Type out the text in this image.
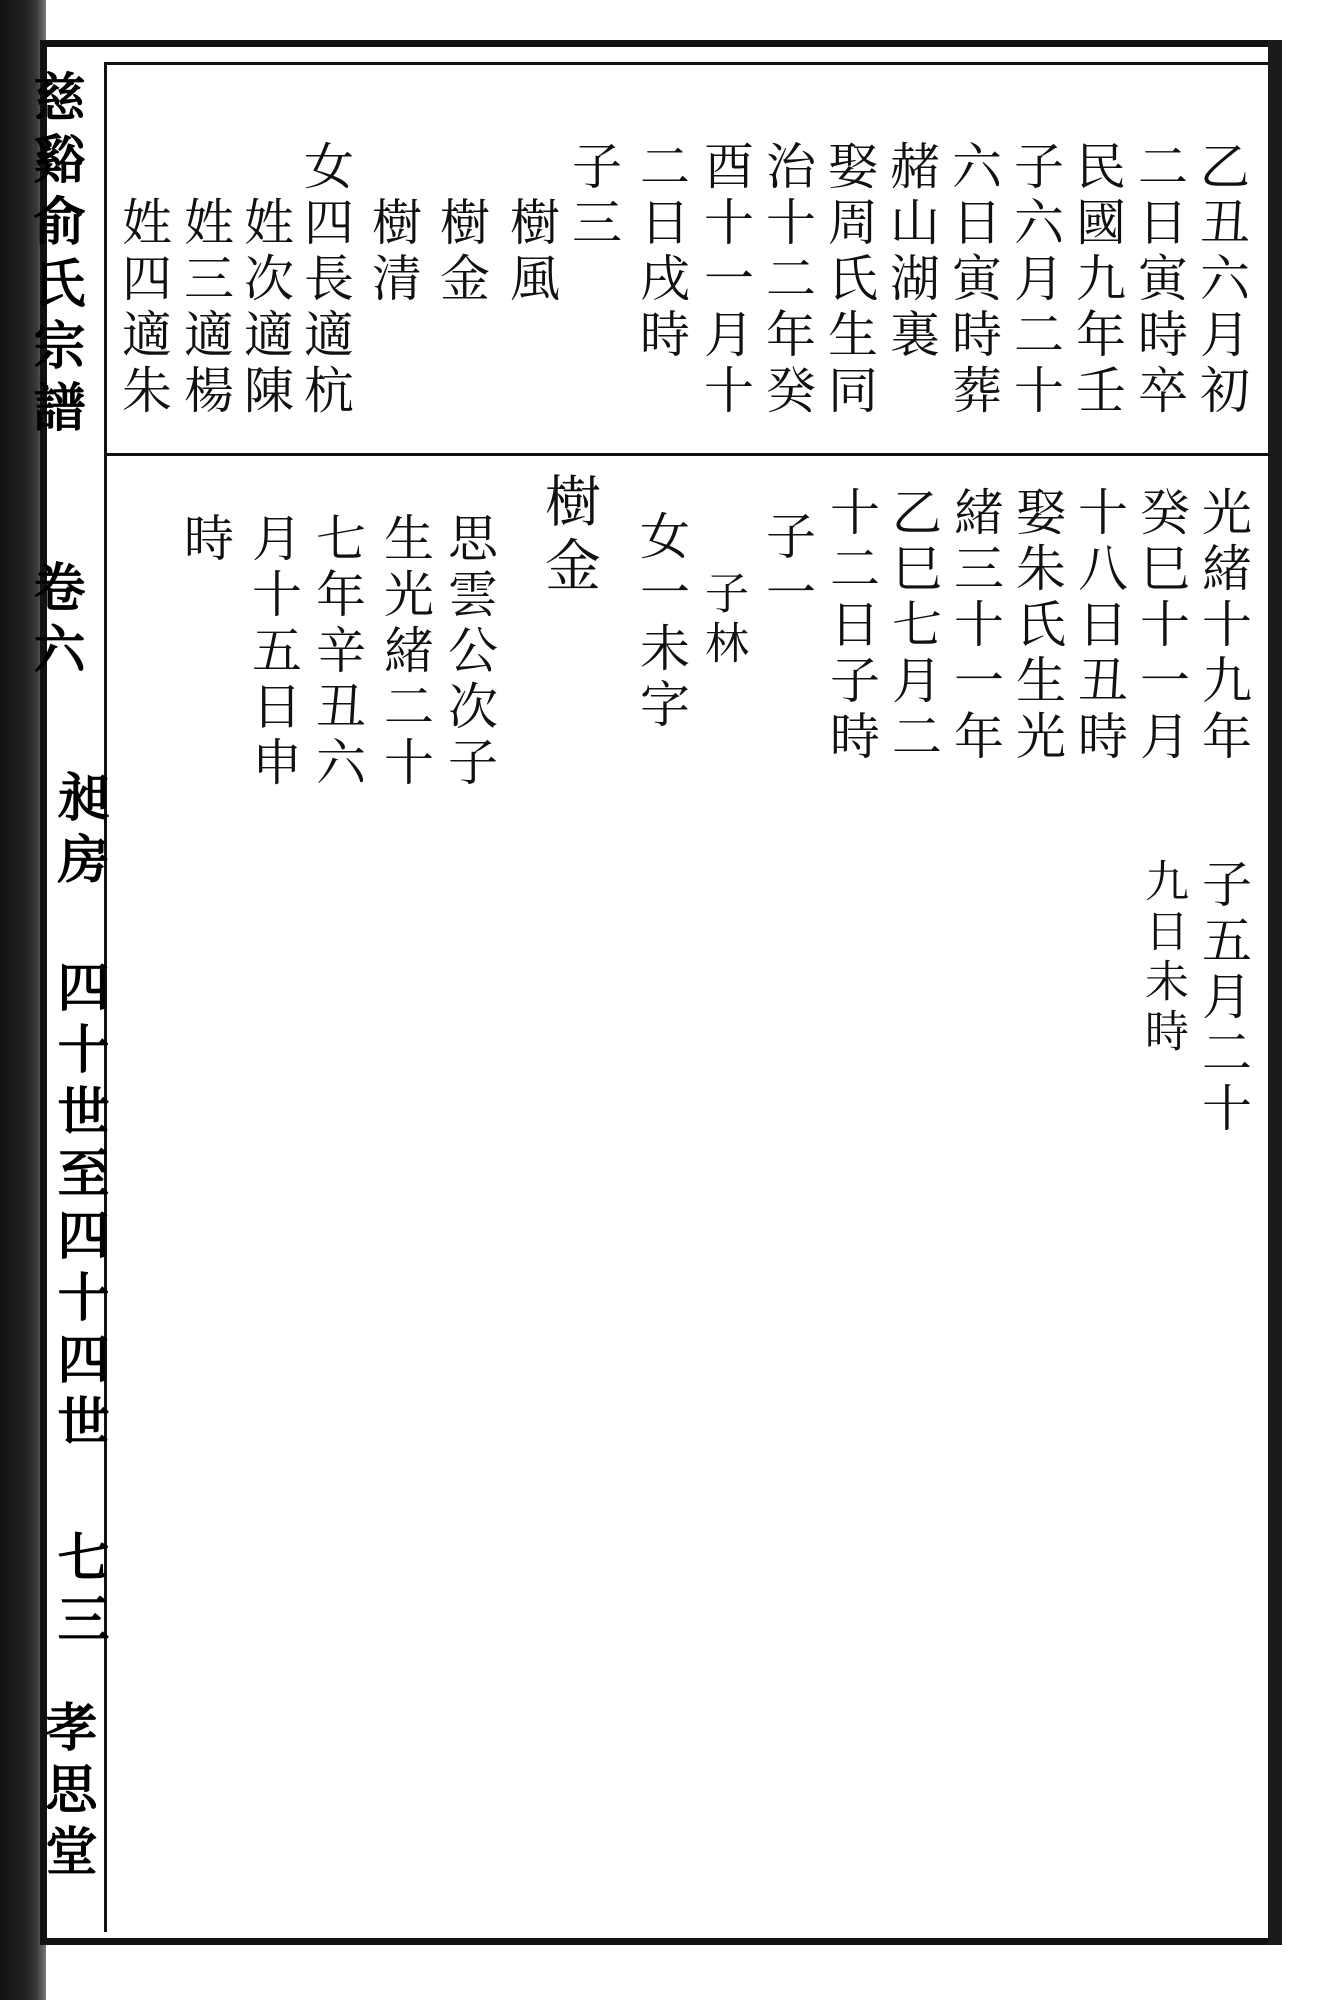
慈谿俞氏宗譜
卷六
昶房
四十世至四十四世
七三
孝思堂
乙丑六月初
二日寅時卒
民國九年壬
子六月二十
六日寅時葬
赭山湖裏
娶周氏生同
治十二年癸
酉十一月十
二日戌時
子三
樹風
樹金
樹清
女四長適杭
姓次適陳
姓三適楊
姓四適朱
光緒十九年
子五月二十
癸巳十一月
九日未時
十八日丑時
娶朱氏生光
緒三十一年
乙巳七月二
十二日子時
子一
子林
女一未字
樹金
思雲公次子
生光緒二十
七年辛丑六
月十五日申
時
